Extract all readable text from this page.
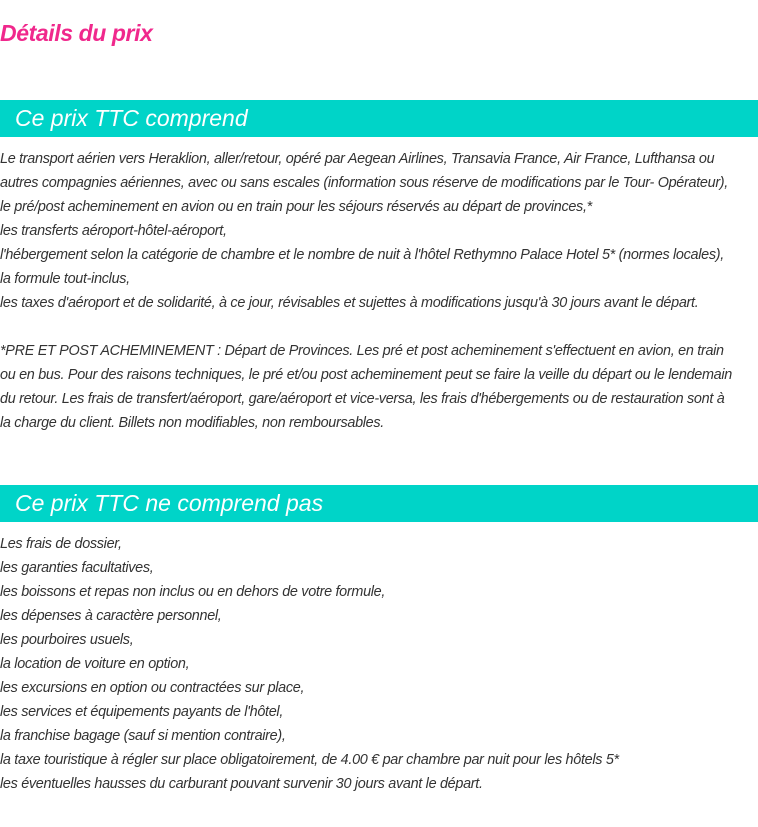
Détails du prix
Ce prix TTC comprend
Le transport aérien vers Heraklion, aller/retour, opéré par Aegean Airlines, Transavia France, Air France, Lufthansa ou
autres compagnies aériennes, avec ou sans escales (information sous réserve de modifications par le Tour- Opérateur),
le pré/post acheminement en avion ou en train pour les séjours réservés au départ de provinces,*
les transferts aéroport-hôtel-aéroport,
l'hébergement selon la catégorie de chambre et le nombre de nuit à l'hôtel Rethymno Palace Hotel 5* (normes locales),
la formule tout-inclus,
les taxes d'aéroport et de solidarité, à ce jour, révisables et sujettes à modifications jusqu'à 30 jours avant le départ.
*PRE ET POST ACHEMINEMENT : Départ de Provinces. Les pré et post acheminement s'effectuent en avion, en train
ou en bus. Pour des raisons techniques, le pré et/ou post acheminement peut se faire la veille du départ ou le lendemain
du retour. Les frais de transfert/aéroport, gare/aéroport et vice-versa, les frais d'hébergements ou de restauration sont à
la charge du client. Billets non modifiables, non remboursables.
Ce prix TTC ne comprend pas
Les frais de dossier,
les garanties facultatives,
les boissons et repas non inclus ou en dehors de votre formule,
les dépenses à caractère personnel,
les pourboires usuels,
la location de voiture en option,
les excursions en option ou contractées sur place,
les services et équipements payants de l'hôtel,
la franchise bagage (sauf si mention contraire),
la taxe touristique à régler sur place obligatoirement, de 4.00 € par chambre par nuit pour les hôtels 5*
les éventuelles hausses du carburant pouvant survenir 30 jours avant le départ.
